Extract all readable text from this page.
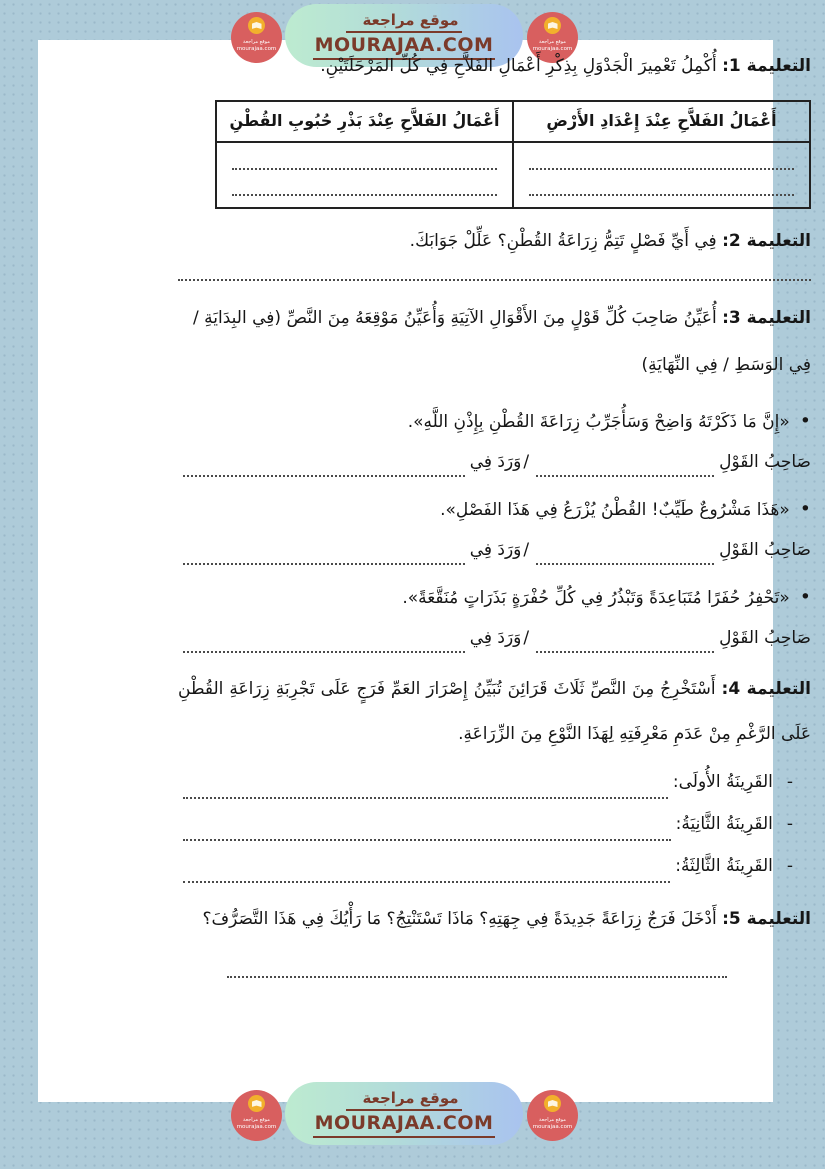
موقع مراجعة
mourajaa.com
موقع مراجعة
MOURAJAA.COM	موقع مراجعة
mourajaa.com

التعليمة 1: أُكْمِلُ تَعْمِيرَ الْجَدْوَلِ بِذِكْرِ أَعْمَالِ الفَلاَّحِ فِي كُلِّ المَرْحَلَتَيْنِ.

أَعْمَالُ الفَلاَّحِ عِنْدَ إِعْدَادِ الأَرْضِ	أَعْمَالُ الفَلاَّحِ عِنْدَ بَذْرِ حُبُوبِ القُطْنِ

التعليمة 2: فِي أَيِّ فَصْلٍ تَتِمُّ زِرَاعَةُ القُطْنِ؟ عَلِّلْ جَوَابَكَ.

التعليمة 3: أُعَيِّنُ صَاحِبَ كُلِّ قَوْلٍ مِنَ الأَقْوَالِ الآتِيَةِ وَأُعَيِّنُ مَوْقِعَهُ مِنَ النَّصِّ (فِي البِدَايَةِ / فِي الوَسَطِ / فِي النِّهَايَةِ)

•«إِنَّ مَا ذَكَرْتَهُ وَاضِحْ وَسَأُجَرِّبُ زِرَاعَةَ القُطْنِ بِإِذْنِ اللَّهِ».
صَاحِبُ القَوْلِ
/
وَرَدَ فِي
•«هَذَا مَشْرُوعٌ طَيِّبٌ! القُطْنُ يُزْرَعُ فِي هَذَا الفَصْلِ».
صَاحِبُ القَوْلِ
/
وَرَدَ فِي
•«تَحْفِرُ حُفَرًا مُتَبَاعِدَةً وَتَبْذُرُ فِي كُلِّ حُفْرَةٍ بَذَرَاتٍ مُنَقَّعَةً».
صَاحِبُ القَوْلِ
/
وَرَدَ فِي

التعليمة 4: أَسْتَخْرِجُ مِنَ النَّصِّ ثَلَاثَ قَرَائِنَ تُبَيِّنُ إِصْرَارَ العَمِّ فَرَجٍ عَلَى تَجْرِبَةِ زِرَاعَةِ القُطْنِ عَلَى الرَّغْمِ مِنْ عَدَمِ مَعْرِفَتِهِ لِهَذَا النَّوْعِ مِنَ الزِّرَاعَةِ.

-
القَرِينَةُ الأُولَى:
-
القَرِينَةُ الثَّانِيَةُ:
-
القَرِينَةُ الثَّالِثَةُ:

التعليمة 5: أَدْخَلَ فَرَجٌ زِرَاعَةً جَدِيدَةً فِي جِهَتِهِ؟ مَاذَا تَسْتَنْتِجُ؟ مَا رَأْيُكَ فِي هَذَا التَّصَرُّفَ؟

موقع مراجعة
mourajaa.com
موقع مراجعة
MOURAJAA.COM	موقع مراجعة
mourajaa.com
